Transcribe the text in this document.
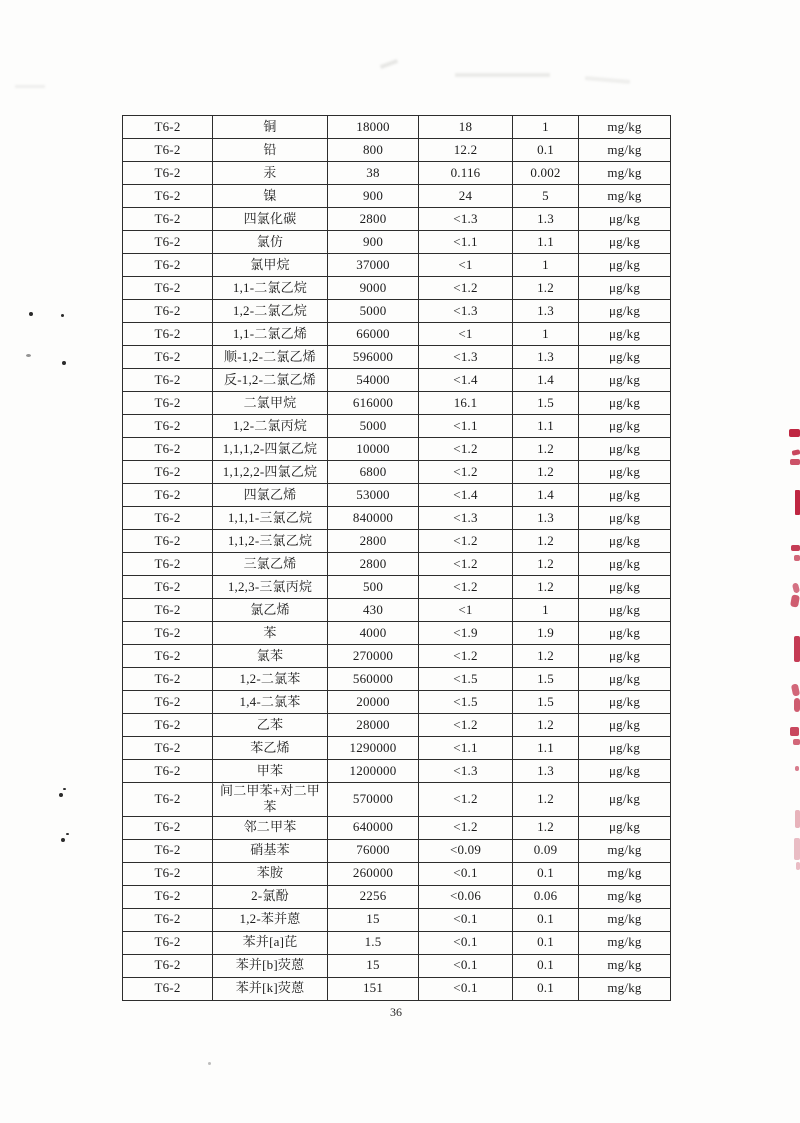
T6-2	铜	18000	18	1	mg/kg
T6-2	铅	800	12.2	0.1	mg/kg
T6-2	汞	38	0.116	0.002	mg/kg
T6-2	镍	900	24	5	mg/kg
T6-2	四氯化碳	2800	<1.3	1.3	μg/kg
T6-2	氯仿	900	<1.1	1.1	μg/kg
T6-2	氯甲烷	37000	<1	1	μg/kg
T6-2	1,1-二氯乙烷	9000	<1.2	1.2	μg/kg
T6-2	1,2-二氯乙烷	5000	<1.3	1.3	μg/kg
T6-2	1,1-二氯乙烯	66000	<1	1	μg/kg
T6-2	顺-1,2-二氯乙烯	596000	<1.3	1.3	μg/kg
T6-2	反-1,2-二氯乙烯	54000	<1.4	1.4	μg/kg
T6-2	二氯甲烷	616000	16.1	1.5	μg/kg
T6-2	1,2-二氯丙烷	5000	<1.1	1.1	μg/kg
T6-2	1,1,1,2-四氯乙烷	10000	<1.2	1.2	μg/kg
T6-2	1,1,2,2-四氯乙烷	6800	<1.2	1.2	μg/kg
T6-2	四氯乙烯	53000	<1.4	1.4	μg/kg
T6-2	1,1,1-三氯乙烷	840000	<1.3	1.3	μg/kg
T6-2	1,1,2-三氯乙烷	2800	<1.2	1.2	μg/kg
T6-2	三氯乙烯	2800	<1.2	1.2	μg/kg
T6-2	1,2,3-三氯丙烷	500	<1.2	1.2	μg/kg
T6-2	氯乙烯	430	<1	1	μg/kg
T6-2	苯	4000	<1.9	1.9	μg/kg
T6-2	氯苯	270000	<1.2	1.2	μg/kg
T6-2	1,2-二氯苯	560000	<1.5	1.5	μg/kg
T6-2	1,4-二氯苯	20000	<1.5	1.5	μg/kg
T6-2	乙苯	28000	<1.2	1.2	μg/kg
T6-2	苯乙烯	1290000	<1.1	1.1	μg/kg
T6-2	甲苯	1200000	<1.3	1.3	μg/kg
T6-2	间二甲苯+对二甲苯	570000	<1.2	1.2	μg/kg
T6-2	邻二甲苯	640000	<1.2	1.2	μg/kg
T6-2	硝基苯	76000	<0.09	0.09	mg/kg
T6-2	苯胺	260000	<0.1	0.1	mg/kg
T6-2	2-氯酚	2256	<0.06	0.06	mg/kg
T6-2	1,2-苯并蒽	15	<0.1	0.1	mg/kg
T6-2	苯并[a]芘	1.5	<0.1	0.1	mg/kg
T6-2	苯并[b]荧蒽	15	<0.1	0.1	mg/kg
T6-2	苯并[k]荧蒽	151	<0.1	0.1	mg/kg
36
